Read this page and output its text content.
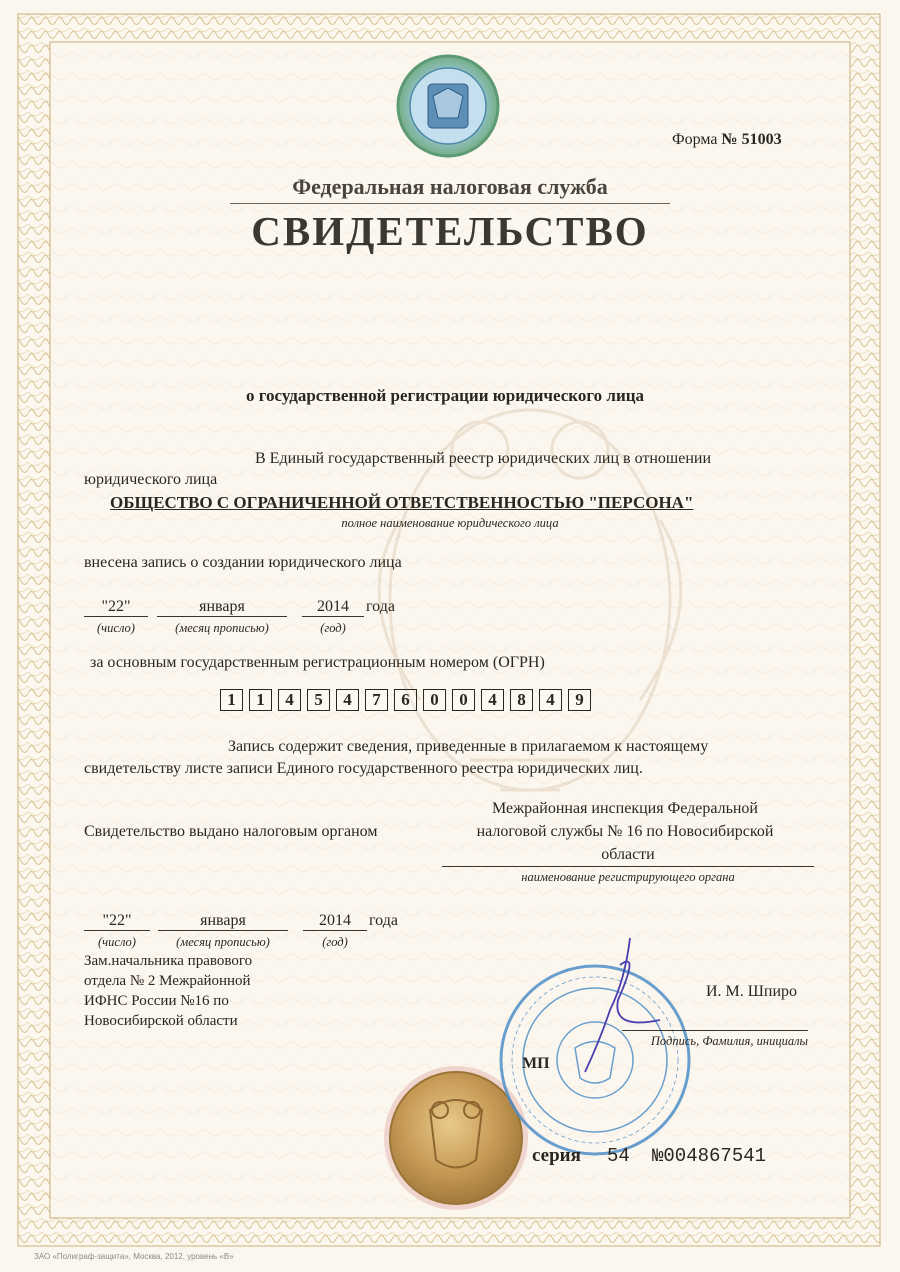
Форма № 51003
Федеральная налоговая служба
СВИДЕТЕЛЬСТВО
о государственной регистрации юридического лица
В Единый государственный реестр юридических лиц в отношении
юридического лица
ОБЩЕСТВО С ОГРАНИЧЕННОЙ ОТВЕТСТВЕННОСТЬЮ "ПЕРСОНА"
полное наименование юридического лица
внесена запись о создании юридического лица
"22"	января	2014	года
(число)	(месяц прописью)	(год)
за основным государственным регистрационным номером (ОГРН)
1	1	4	5	4	7	6	0	0	4	8	4	9
Запись содержит сведения, приведенные в прилагаемом к настоящему
свидетельству листе записи Единого государственного реестра юридических лиц.
Свидетельство выдано налоговым органом
Межрайонная инспекция Федеральной
налоговой службы № 16 по Новосибирской
области
наименование регистрирующего органа
"22"	января	2014	года
(число)	(месяц прописью)	(год)
Зам.начальника правового
отдела № 2 Межрайонной
ИФНС России №16 по
Новосибирской области
И. М. Шпиро
Подпись, Фамилия, инициалы
МП
серия 54 №004867541
ЗАО «Полиграф-защита», Москва, 2012, уровень «В»
